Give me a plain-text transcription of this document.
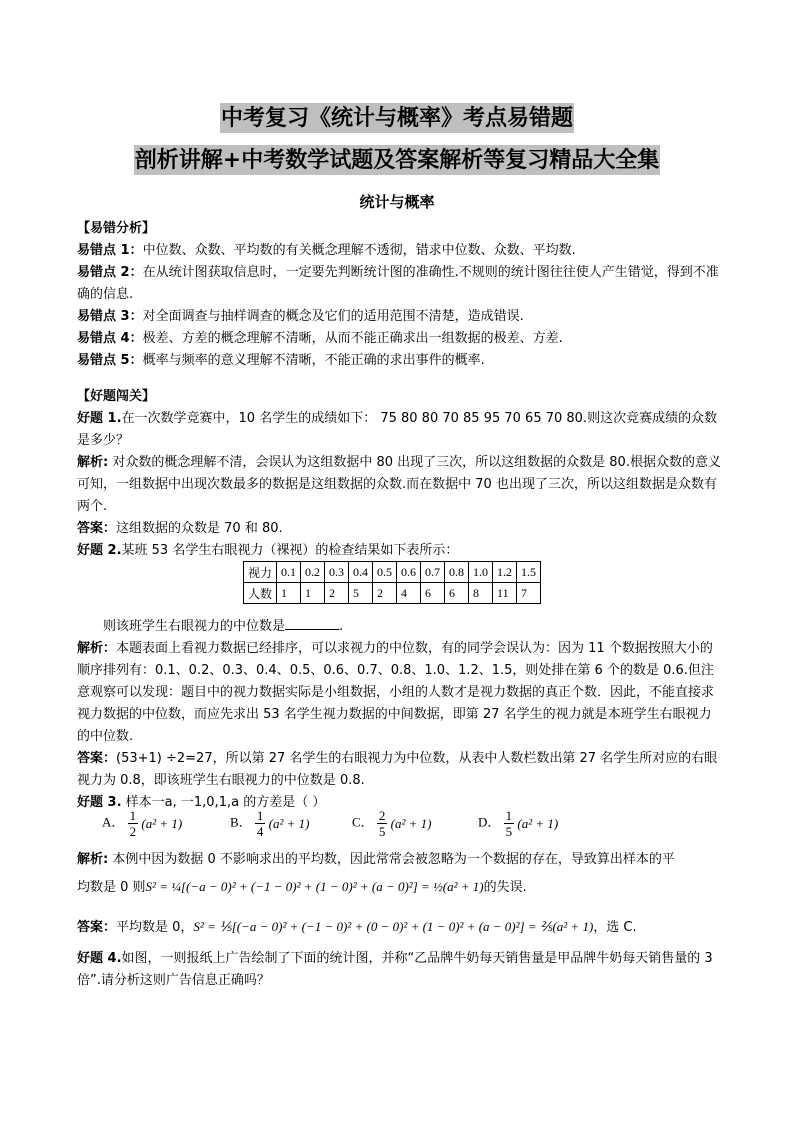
中考复习《统计与概率》考点易错题
剖析讲解+中考数学试题及答案解析等复习精品大全集
统计与概率

【易错分析】

易错点 1：中位数、众数、平均数的有关概念理解不透彻，错求中位数、众数、平均数.

易错点 2：在从统计图获取信息时，一定要先判断统计图的准确性.不规则的统计图往往使人产生错觉，得到不准确的信息.

易错点 3：对全面调查与抽样调查的概念及它们的适用范围不清楚，造成错误.

易错点 4：极差、方差的概念理解不清晰，从而不能正确求出一组数据的极差、方差.

易错点 5：概率与频率的意义理解不清晰，不能正确的求出事件的概率.

【好题闯关】

好题 1.在一次数学竞赛中，10 名学生的成绩如下： 75 80 80 70 85 95 70 65 70 80.则这次竞赛成绩的众数是多少？

解析: 对众数的概念理解不清，会误认为这组数据中 80 出现了三次，所以这组数据的众数是 80.根据众数的意义可知，一组数据中出现次数最多的数据是这组数据的众数.而在数据中 70 也出现了三次，所以这组数据是众数有两个.

答案：这组数据的众数是 70 和 80.

好题 2.某班 53 名学生右眼视力（裸视）的检查结果如下表所示：

视力	0.1	0.2	0.3	0.4	0.5	0.6	0.7	0.8	1.0	1.2	1.5
人数	1	1	2	5	2	4	6	6	8	11	7

则该班学生右眼视力的中位数是	.

解析：本题表面上看视力数据已经排序，可以求视力的中位数，有的同学会误认为：因为 11 个数据按照大小的顺序排列有：0.1、0.2、0.3、0.4、0.5、0.6、0.7、0.8、1.0、1.2、1.5，则处排在第 6 个的数是 0.6.但注意观察可以发现：题目中的视力数据实际是小组数据，小组的人数才是视力数据的真正个数．因此，不能直接求视力数据的中位数，而应先求出 53 名学生视力数据的中间数据，即第 27 名学生的视力就是本班学生右眼视力的中位数.

答案：(53+1) ÷2=27，所以第 27 名学生的右眼视力为中位数，从表中人数栏数出第 27 名学生所对应的右眼视力为 0.8，即该班学生右眼视力的中位数是 0.8.

好题 3. 样本一a, 一1,0,1,a 的方差是（ ）

A． $\frac{1}{2} (a^2 + 1)$	B． $\frac{1}{4} (a^2 + 1)$	C． $\frac{2}{5} (a^2 + 1)$	D． $\frac{1}{5} (a^2 + 1)$
解析: 本例中因为数据 0 不影响求出的平均数，因此常常会被忽略为一个数据的存在，导致算出样本的平
均数是 0 则S² = ¼[(−a − 0)² + (−1 − 0)² + (1 − 0)² + (a − 0)²] = ½(a² + 1)的失误.
答案：平均数是 0，S² = ⅕[(−a − 0)² + (−1 − 0)² + (0 − 0)² + (1 − 0)² + (a − 0)²] = ⅖(a² + 1)，选 C.

好题 4.如图，一则报纸上广告绘制了下面的统计图，并称“乙品牌牛奶每天销售量是甲品牌牛奶每天销售量的 3 倍”.请分析这则广告信息正确吗？
